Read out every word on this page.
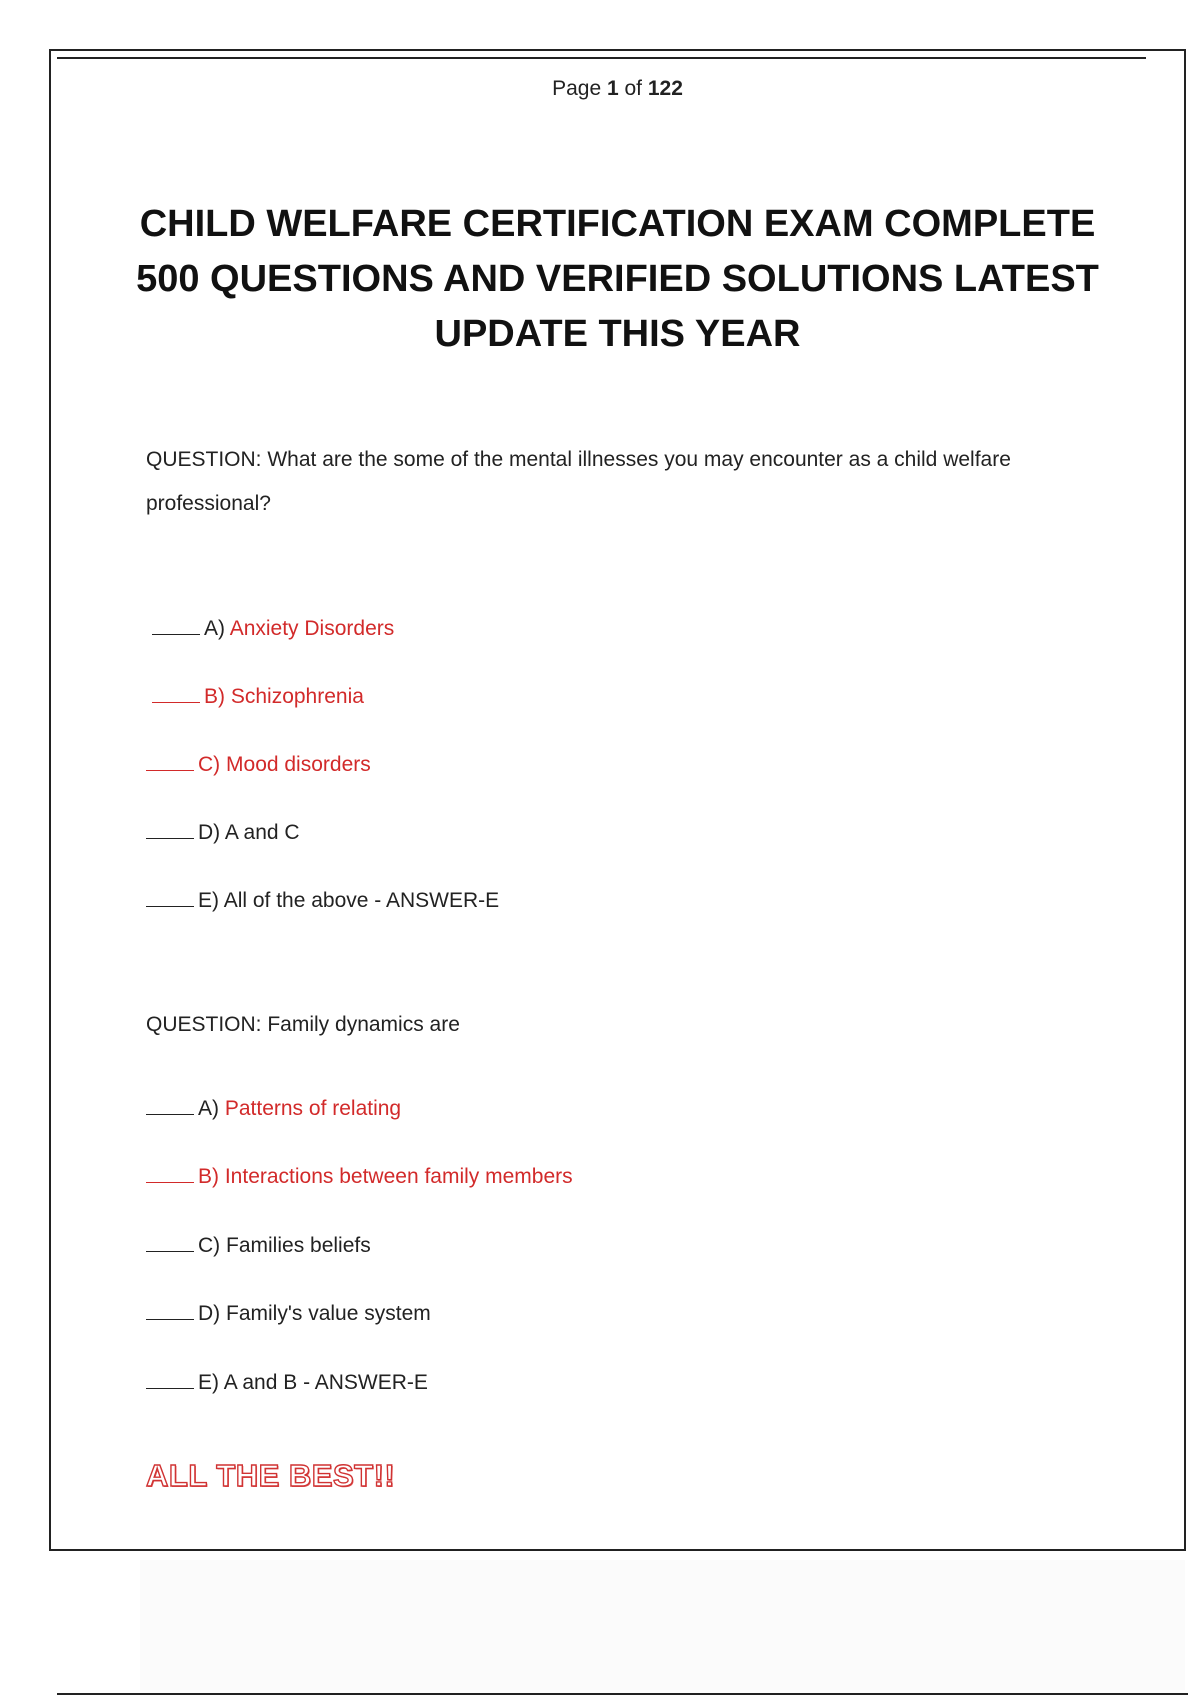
Page 1 of 122
CHILD WELFARE CERTIFICATION EXAM COMPLETE 500 QUESTIONS AND VERIFIED SOLUTIONS LATEST UPDATE THIS YEAR
QUESTION: What are the some of the mental illnesses you may encounter as a child welfare professional?
A) Anxiety Disorders
B) Schizophrenia
C) Mood disorders
D) A and C
E) All of the above - ANSWER-E
QUESTION: Family dynamics are
A) Patterns of relating
B) Interactions between family members
C) Families beliefs
D) Family's value system
E) A and B - ANSWER-E
ALL THE BEST!!
